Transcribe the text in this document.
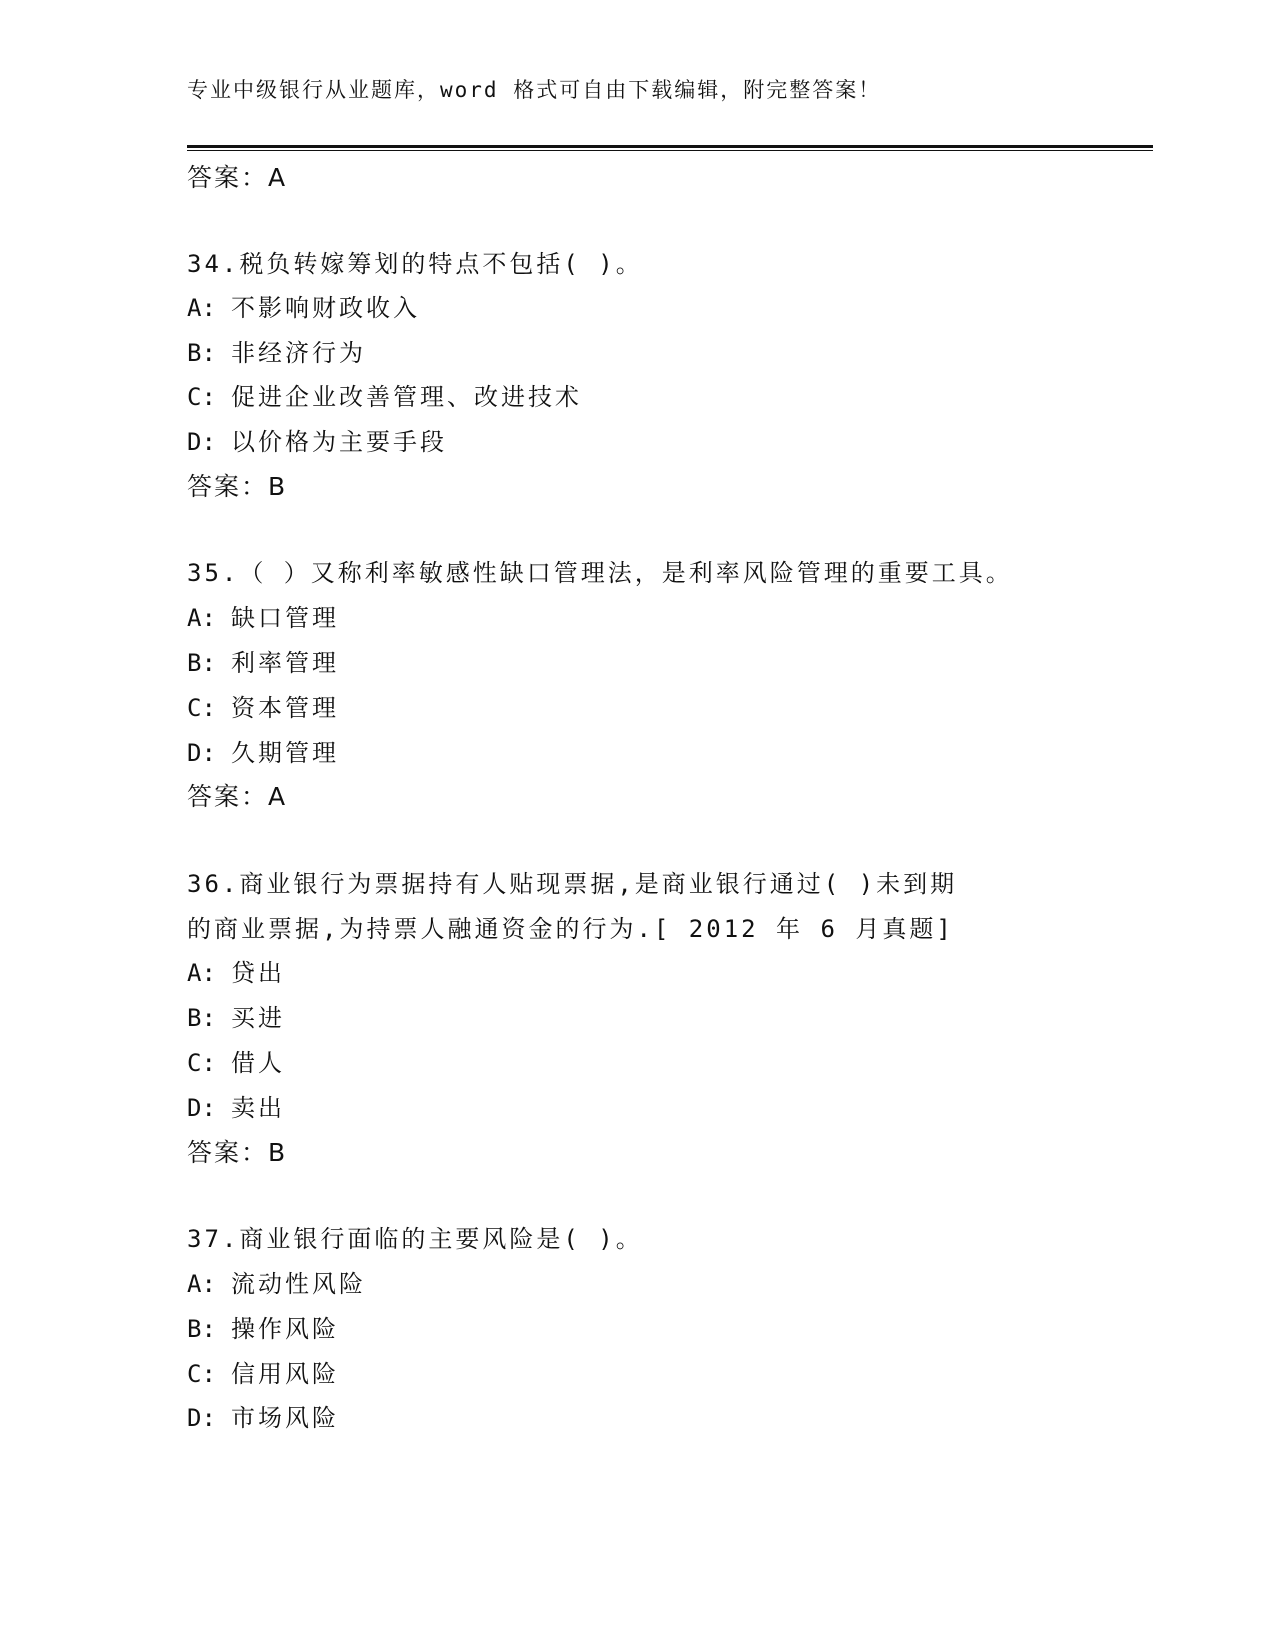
专业中级银行从业题库，word 格式可自由下载编辑，附完整答案！
答案：A
34.税负转嫁筹划的特点不包括( )。
A: 不影响财政收入
B: 非经济行为
C: 促进企业改善管理、改进技术
D: 以价格为主要手段
答案：B
35.（ ）又称利率敏感性缺口管理法，是利率风险管理的重要工具。
A: 缺口管理
B: 利率管理
C: 资本管理
D: 久期管理
答案：A
36.商业银行为票据持有人贴现票据,是商业银行通过( )未到期
的商业票据,为持票人融通资金的行为.[ 2012 年 6 月真题]
A: 贷出
B: 买进
C: 借人
D: 卖出
答案：B
37.商业银行面临的主要风险是( )。
A: 流动性风险
B: 操作风险
C: 信用风险
D: 市场风险
